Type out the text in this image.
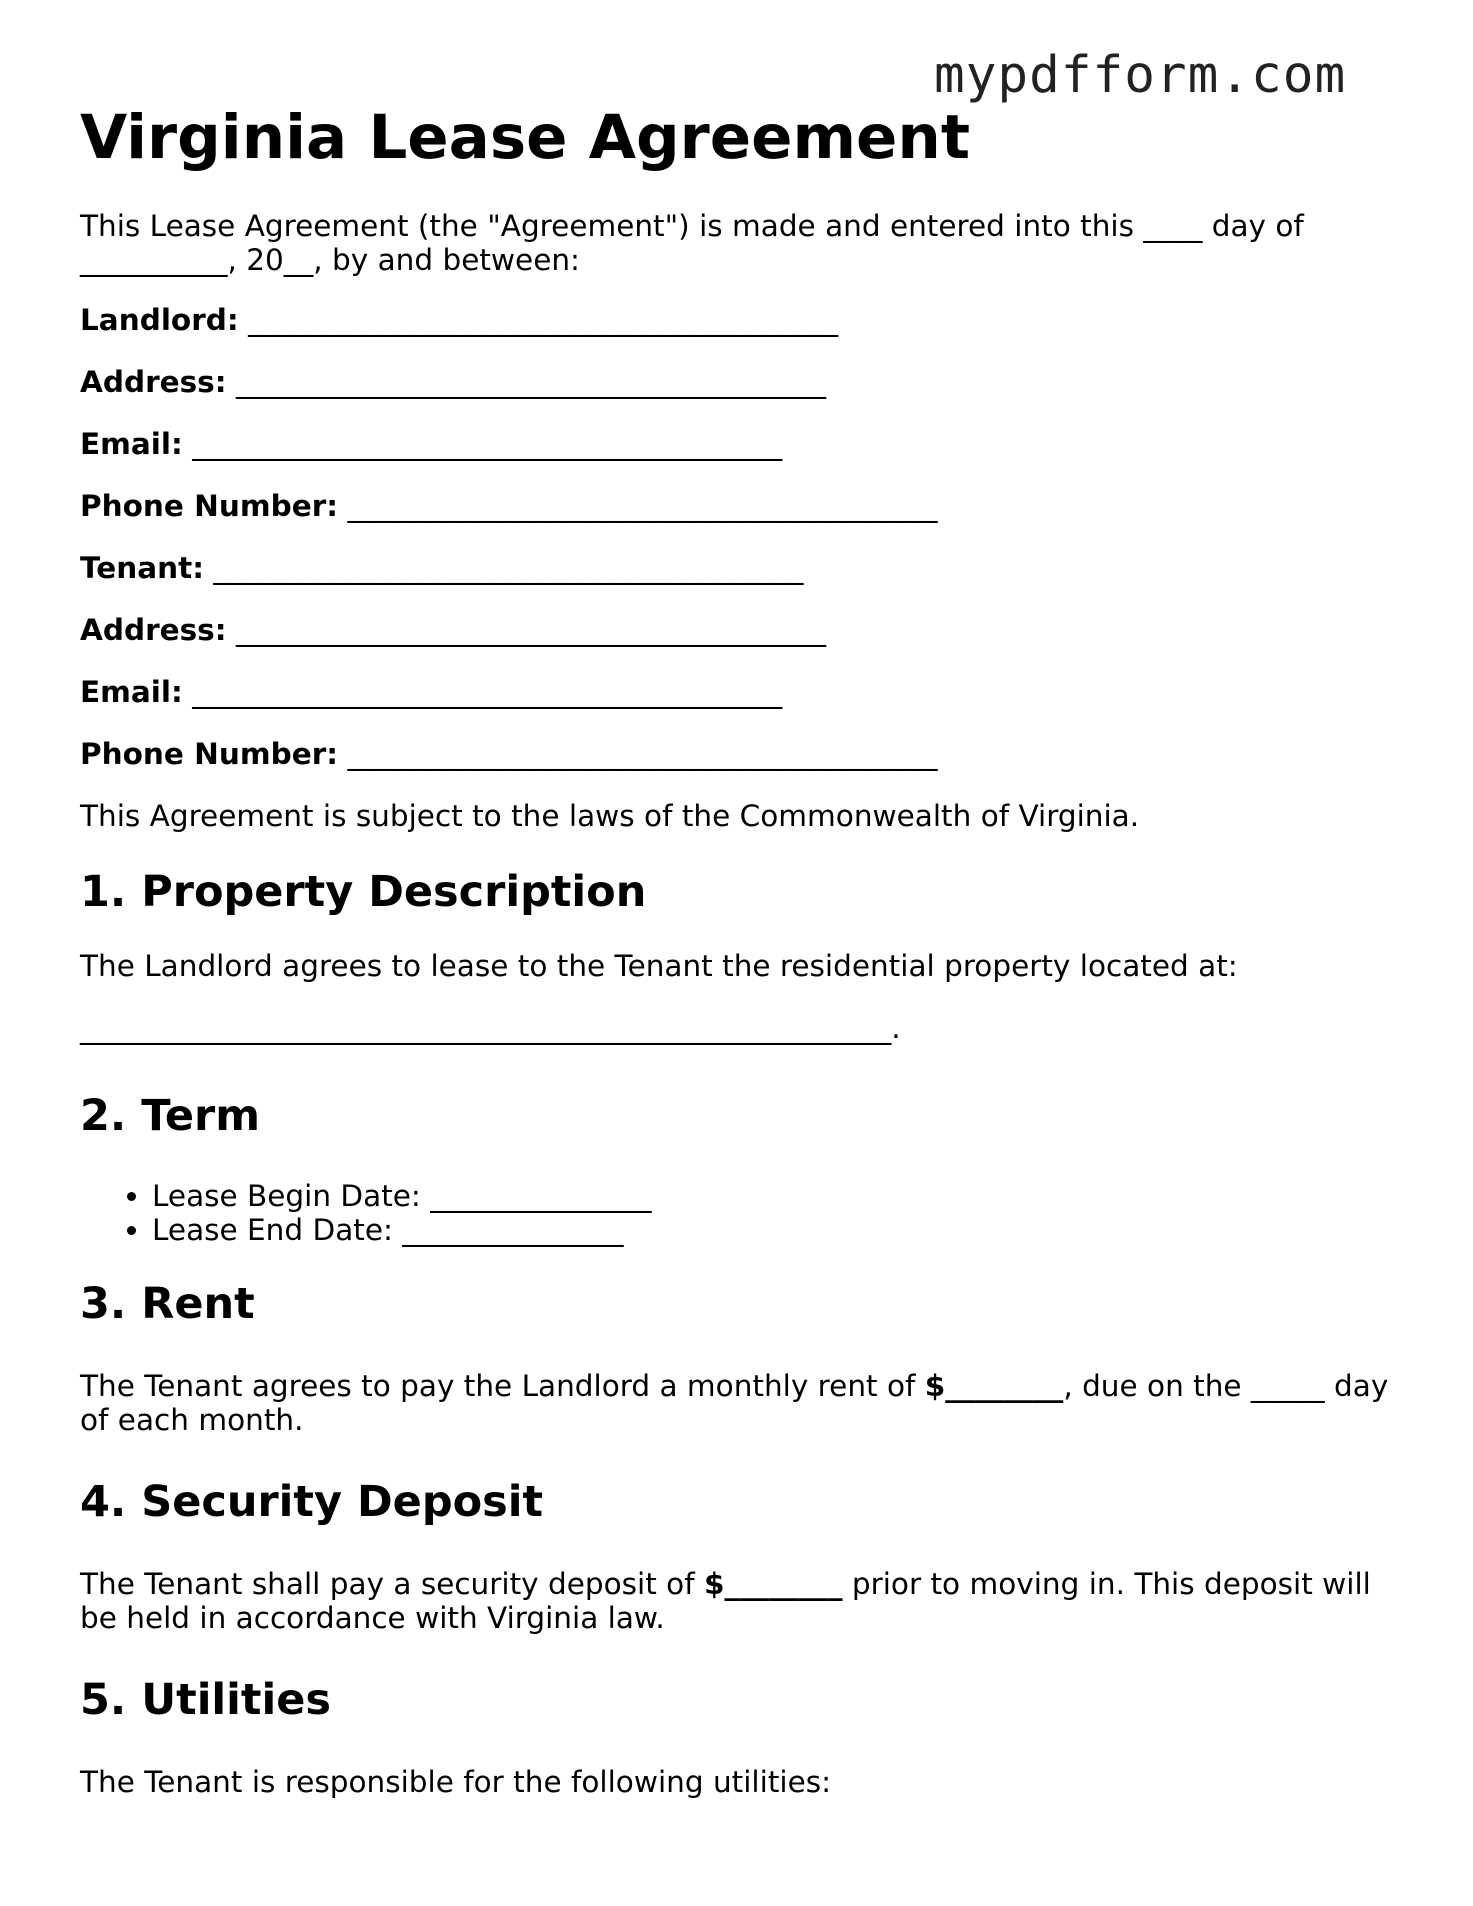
mypdfform.com
Virginia Lease Agreement

This Lease Agreement (the "Agreement") is made and entered into this ____ day of __________, 20__, by and between:

Landlord: ________________________________________

Address: ________________________________________

Email: ________________________________________

Phone Number: ________________________________________

Tenant: ________________________________________

Address: ________________________________________

Email: ________________________________________

Phone Number: ________________________________________

This Agreement is subject to the laws of the Commonwealth of Virginia.

1. Property Description

The Landlord agrees to lease to the Tenant the residential property located at:

_______________________________________________________.

2. Term
• Lease Begin Date: _______________
• Lease End Date: _______________
3. Rent

The Tenant agrees to pay the Landlord a monthly rent of $________, due on the _____ day of each month.

4. Security Deposit

The Tenant shall pay a security deposit of $________ prior to moving in. This deposit will be held in accordance with Virginia law.

5. Utilities

The Tenant is responsible for the following utilities:
